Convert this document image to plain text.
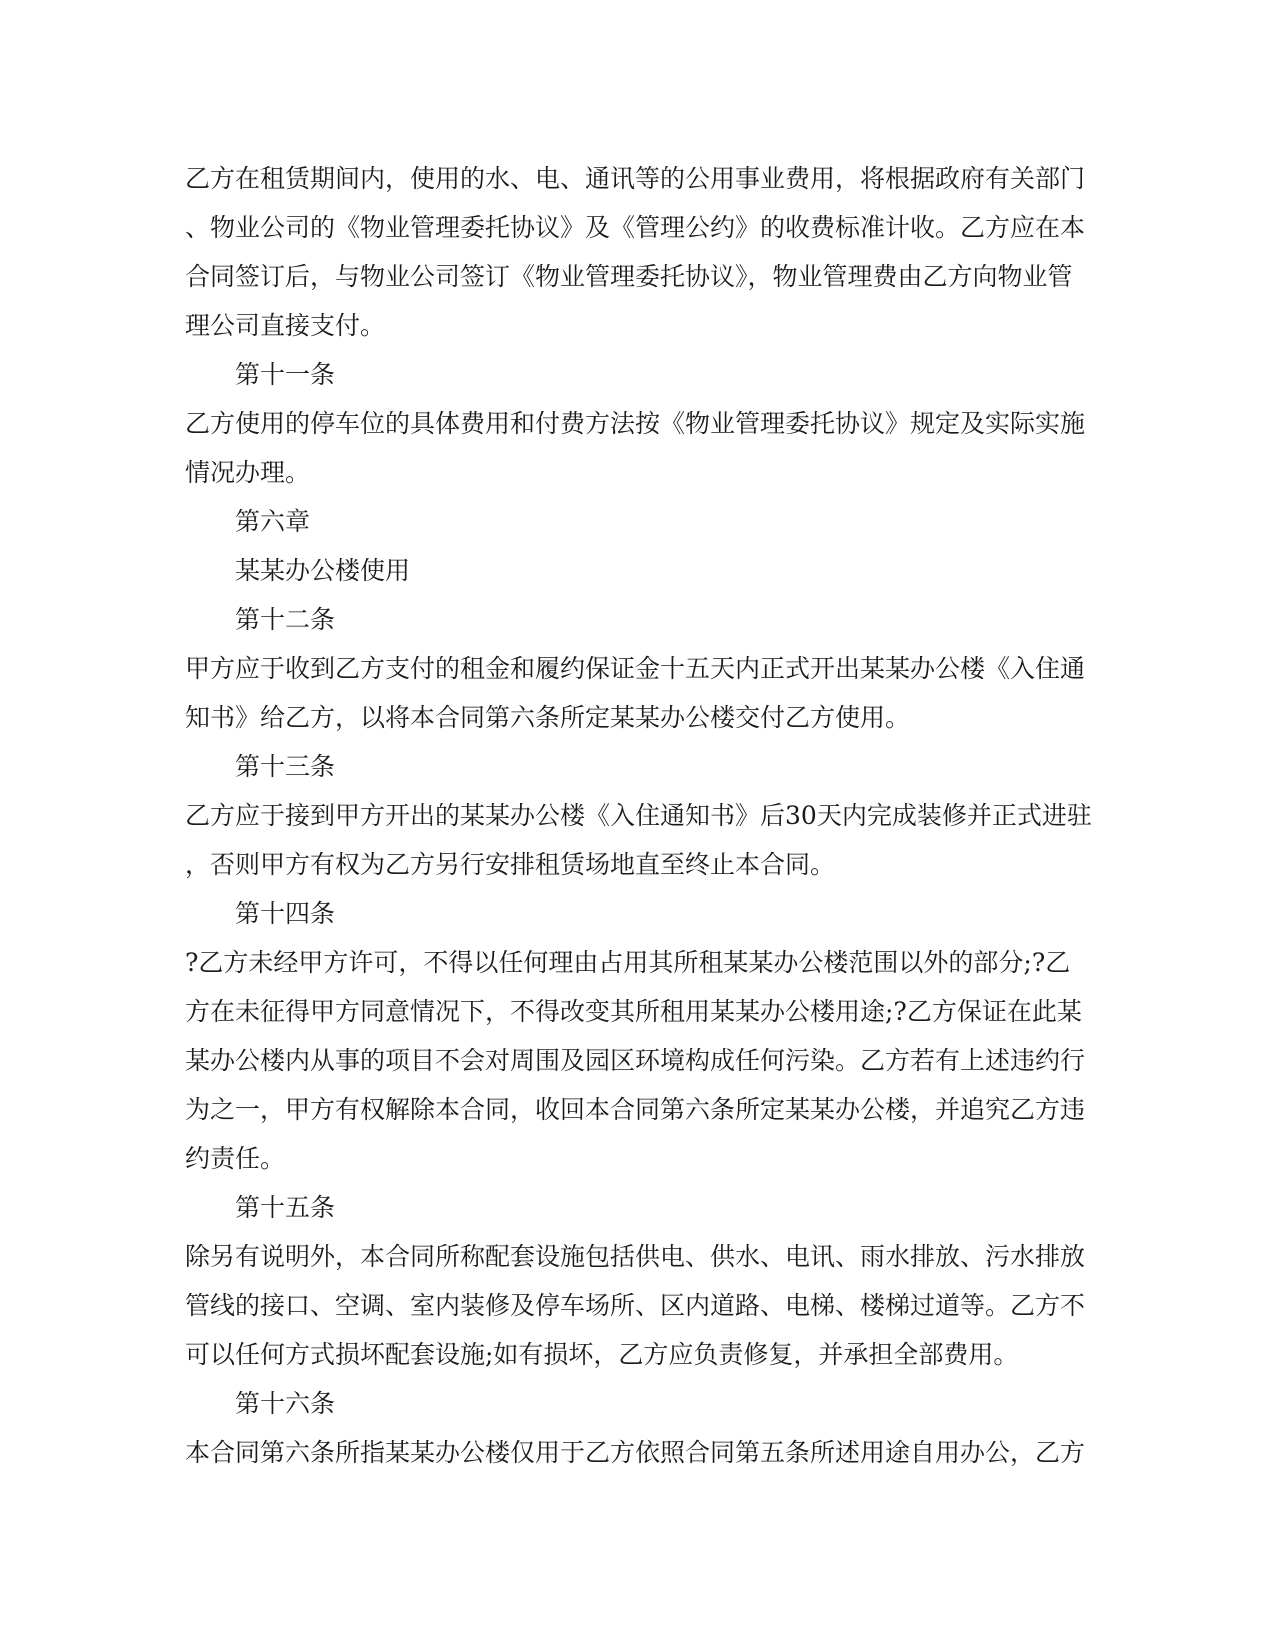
乙方在租赁期间内，使用的水、电、通讯等的公用事业费用，将根据政府有关部门
、物业公司的《物业管理委托协议》及《管理公约》的收费标准计收。乙方应在本
合同签订后，与物业公司签订《物业管理委托协议》，物业管理费由乙方向物业管
理公司直接支付。
第十一条
乙方使用的停车位的具体费用和付费方法按《物业管理委托协议》规定及实际实施
情况办理。
第六章
某某办公楼使用
第十二条
甲方应于收到乙方支付的租金和履约保证金十五天内正式开出某某办公楼《入住通
知书》给乙方，以将本合同第六条所定某某办公楼交付乙方使用。
第十三条
乙方应于接到甲方开出的某某办公楼《入住通知书》后30天内完成装修并正式进驻
，否则甲方有权为乙方另行安排租赁场地直至终止本合同。
第十四条
?乙方未经甲方许可，不得以任何理由占用其所租某某办公楼范围以外的部分;?乙
方在未征得甲方同意情况下，不得改变其所租用某某办公楼用途;?乙方保证在此某
某办公楼内从事的项目不会对周围及园区环境构成任何污染。乙方若有上述违约行
为之一，甲方有权解除本合同，收回本合同第六条所定某某办公楼，并追究乙方违
约责任。
第十五条
除另有说明外，本合同所称配套设施包括供电、供水、电讯、雨水排放、污水排放
管线的接口、空调、室内装修及停车场所、区内道路、电梯、楼梯过道等。乙方不
可以任何方式损坏配套设施;如有损坏，乙方应负责修复，并承担全部费用。
第十六条
本合同第六条所指某某办公楼仅用于乙方依照合同第五条所述用途自用办公，乙方
